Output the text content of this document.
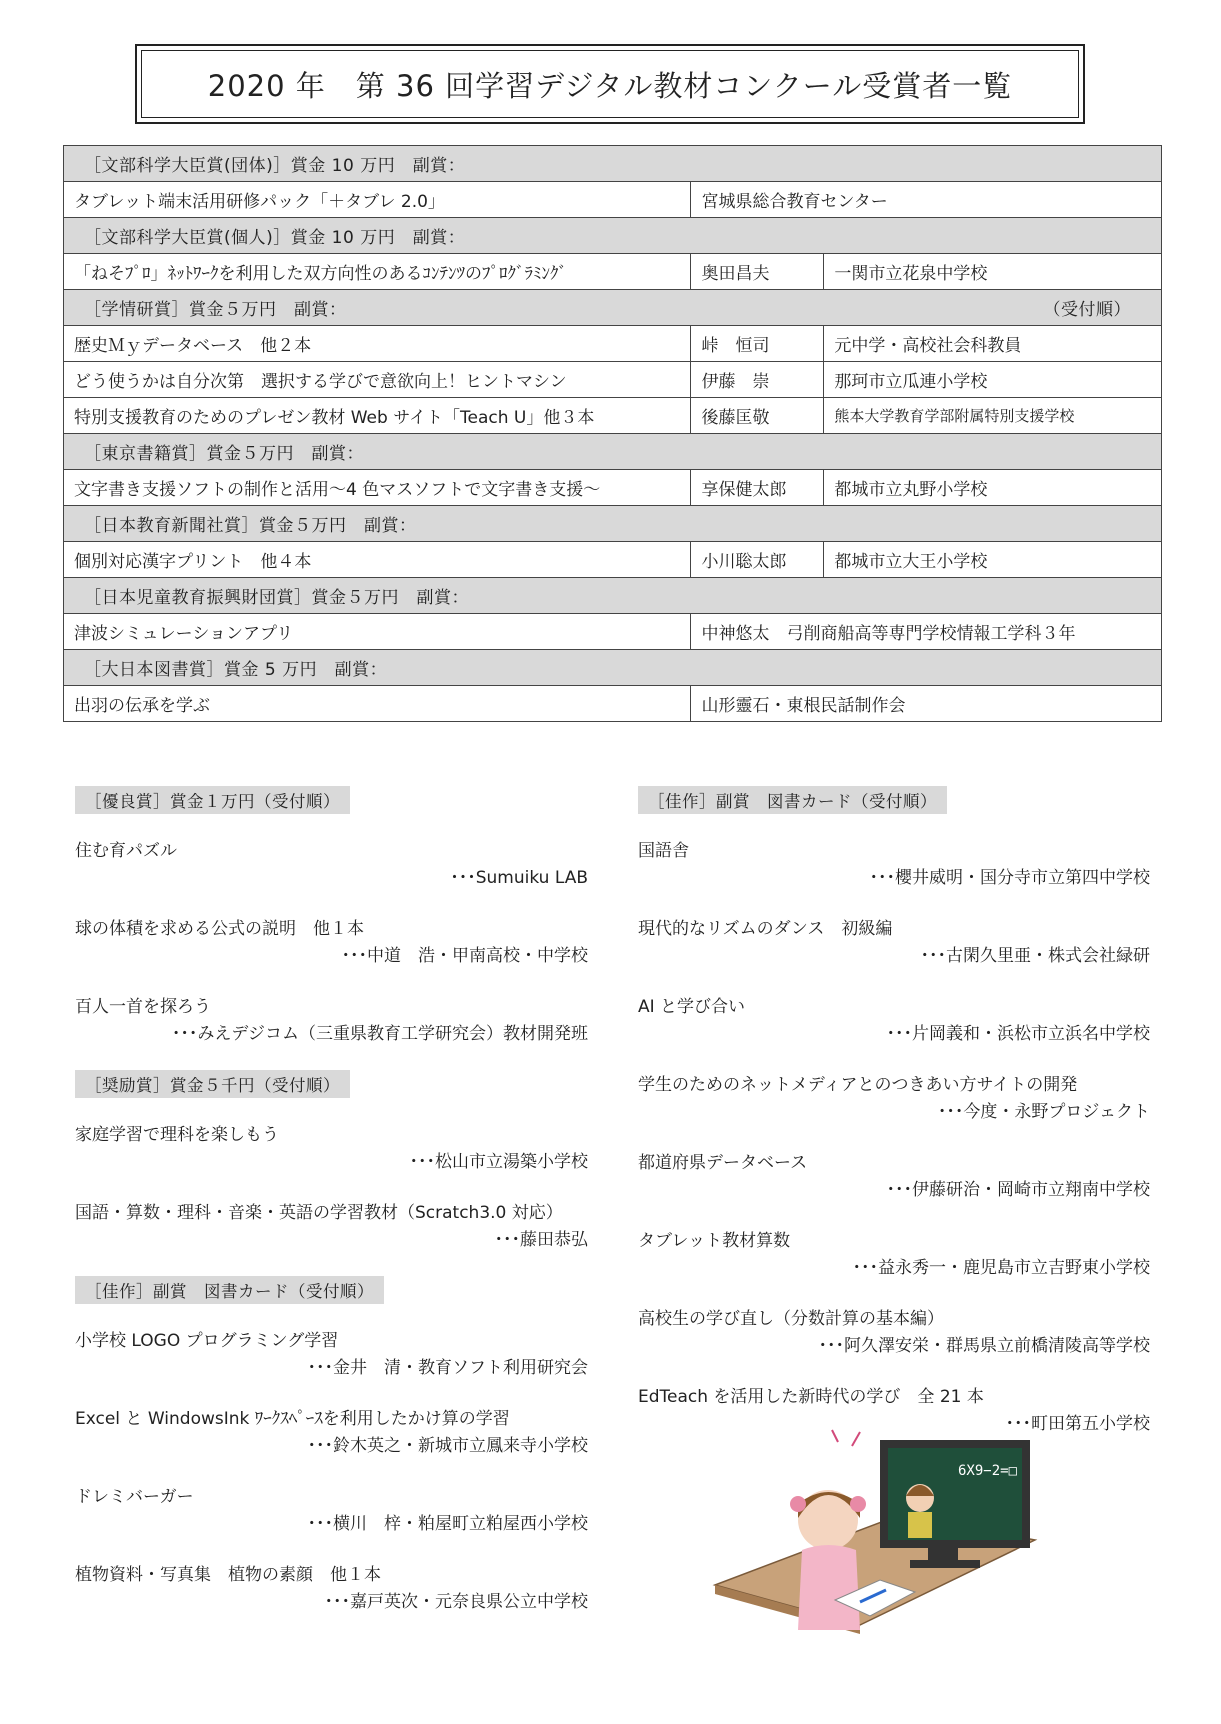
2020 年　第 36 回学習デジタル教材コンクール受賞者一覧
［文部科学大臣賞(団体)］賞金 10 万円　副賞：		

タブレット端末活用研修パック「＋タブレ 2.0」	宮城県総合教育センター	

［文部科学大臣賞(個人)］賞金 10 万円　副賞：		

「ねそﾌﾟﾛ」ﾈｯﾄﾜｰｸを利用した双方向性のあるｺﾝﾃﾝﾂのﾌﾟﾛｸﾞﾗﾐﾝｸﾞ	奥田昌夫	一関市立花泉中学校

［学情研賞］賞金５万円　副賞： （受付順）		

歴史Ｍｙデータベース　他２本	峠　恒司	元中学・高校社会科教員
どう使うかは自分次第　選択する学びで意欲向上！ヒントマシン	伊藤　崇	那珂市立瓜連小学校
特別支援教育のためのプレゼン教材 Web サイト「Teach U」他３本	後藤匡敬	熊本大学教育学部附属特別支援学校

［東京書籍賞］賞金５万円　副賞：		

文字書き支援ソフトの制作と活用～4 色マスソフトで文字書き支援～	享保健太郎	都城市立丸野小学校

［日本教育新聞社賞］賞金５万円　副賞：		

個別対応漢字プリント　他４本	小川聡太郎	都城市立大王小学校

［日本児童教育振興財団賞］賞金５万円　副賞：		

津波シミュレーションアプリ	中神悠太　弓削商船高等専門学校情報工学科３年	

［大日本図書賞］賞金 5 万円　副賞：		

出羽の伝承を学ぶ	山形靈石・東根民話制作会	
［優良賞］賞金１万円（受付順）
住む育パズル
･･･Sumuiku LAB
球の体積を求める公式の説明　他１本
･･･中道　浩・甲南高校・中学校
百人一首を探ろう
･･･みえデジコム（三重県教育工学研究会）教材開発班
［奨励賞］賞金５千円（受付順）
家庭学習で理科を楽しもう
･･･松山市立湯築小学校
国語・算数・理科・音楽・英語の学習教材（Scratch3.0 対応）
･･･藤田恭弘
［佳作］副賞　図書カード（受付順）
小学校 LOGO プログラミング学習
･･･金井　清・教育ソフト利用研究会
Excel と WindowsInk ﾜｰｸｽﾍﾟｰｽを利用したかけ算の学習
･･･鈴木英之・新城市立鳳来寺小学校
ドレミバーガー
･･･横川　梓・粕屋町立粕屋西小学校
植物資料・写真集　植物の素顔　他１本
･･･嘉戸英次・元奈良県公立中学校
［佳作］副賞　図書カード（受付順）
国語舎
･･･櫻井威明・国分寺市立第四中学校
現代的なリズムのダンス　初級編
･･･古閑久里亜・株式会社緑研
AI と学び合い
･･･片岡義和・浜松市立浜名中学校
学生のためのネットメディアとのつきあい方サイトの開発
･･･今度・永野プロジェクト
都道府県データベース
･･･伊藤研治・岡崎市立翔南中学校
タブレット教材算数
･･･益永秀一・鹿児島市立吉野東小学校
高校生の学び直し（分数計算の基本編）
･･･阿久澤安栄・群馬県立前橋清陵高等学校
EdTeach を活用した新時代の学び　全 21 本
･･･町田第五小学校
6X9−2=□
